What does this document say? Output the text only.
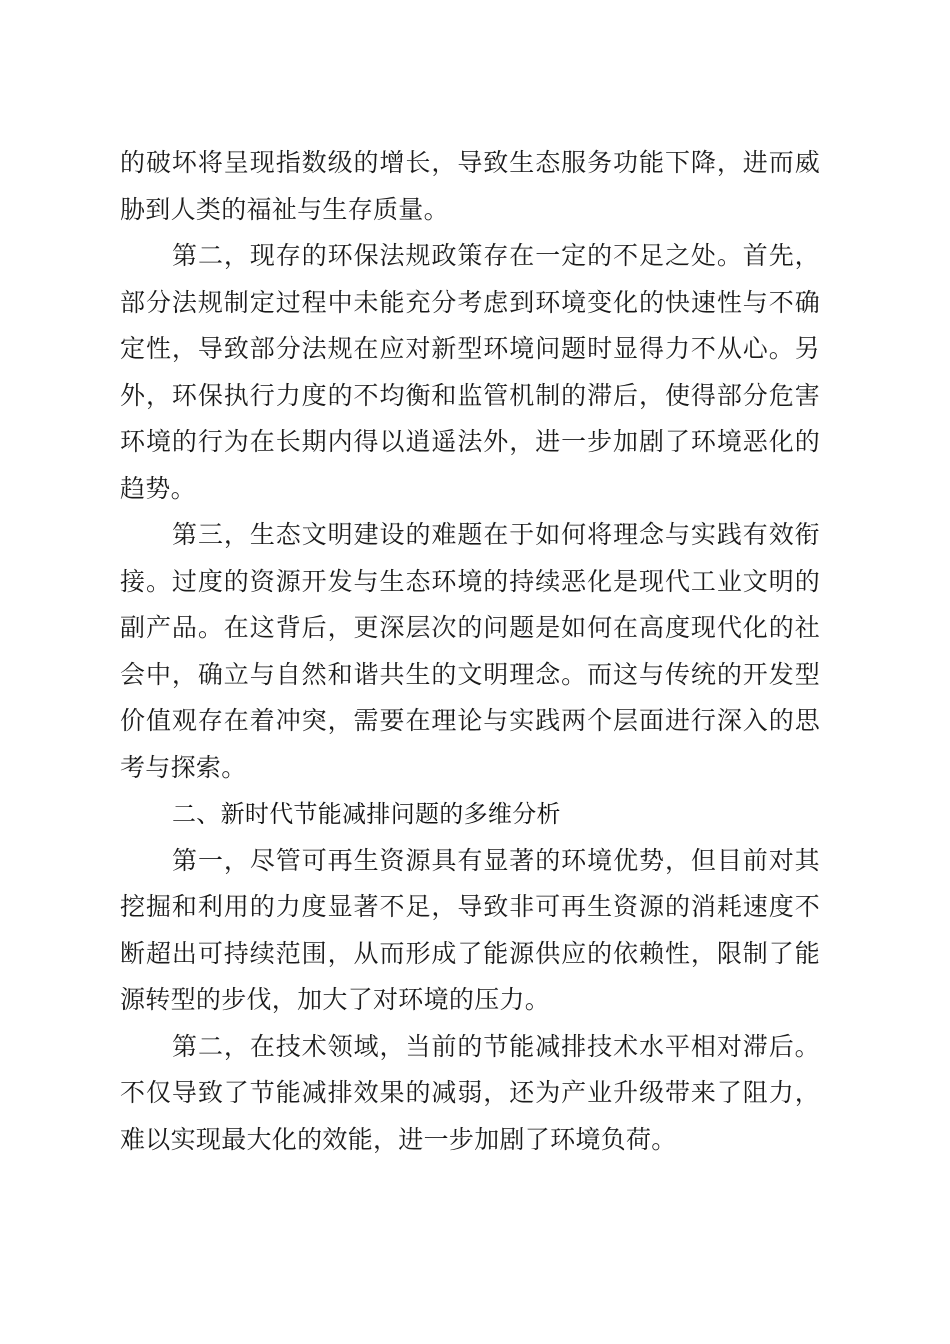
的破坏将呈现指数级的增长，导致生态服务功能下降，进而威胁到人类的福祉与生存质量。

第二，现存的环保法规政策存在一定的不足之处。首先，部分法规制定过程中未能充分考虑到环境变化的快速性与不确定性，导致部分法规在应对新型环境问题时显得力不从心。另外，环保执行力度的不均衡和监管机制的滞后，使得部分危害环境的行为在长期内得以逍遥法外，进一步加剧了环境恶化的趋势。

第三，生态文明建设的难题在于如何将理念与实践有效衔接。过度的资源开发与生态环境的持续恶化是现代工业文明的副产品。在这背后，更深层次的问题是如何在高度现代化的社会中，确立与自然和谐共生的文明理念。而这与传统的开发型价值观存在着冲突，需要在理论与实践两个层面进行深入的思考与探索。

二、新时代节能减排问题的多维分析

第一，尽管可再生资源具有显著的环境优势，但目前对其挖掘和利用的力度显著不足，导致非可再生资源的消耗速度不断超出可持续范围，从而形成了能源供应的依赖性，限制了能源转型的步伐，加大了对环境的压力。

第二，在技术领域，当前的节能减排技术水平相对滞后。不仅导致了节能减排效果的减弱，还为产业升级带来了阻力，难以实现最大化的效能，进一步加剧了环境负荷。
